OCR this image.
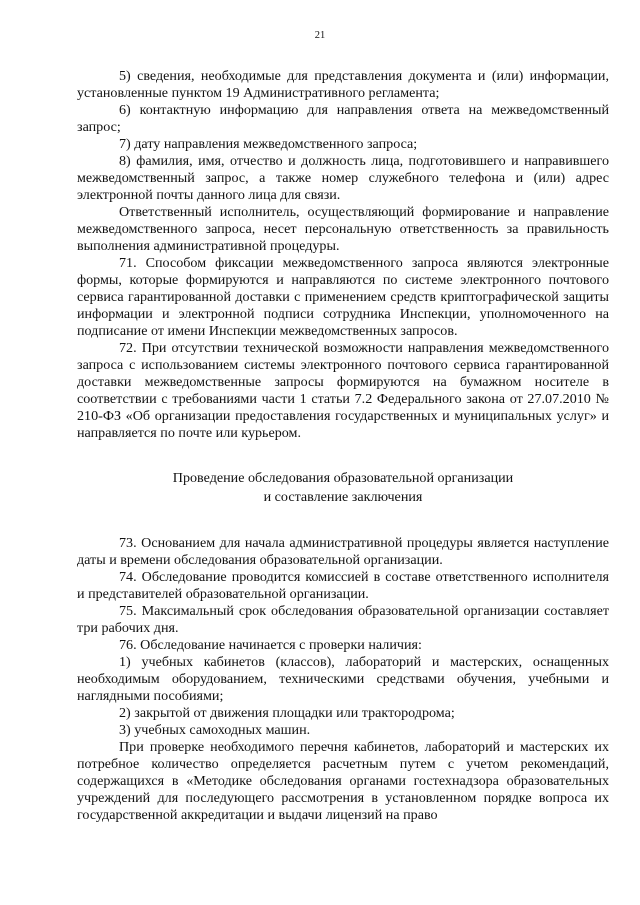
21

5) сведения, необходимые для представления документа и (или) информации, установленные пунктом 19 Административного регламента;

6) контактную информацию для направления ответа на межведомственный запрос;

7) дату направления межведомственного запроса;

8) фамилия, имя, отчество и должность лица, подготовившего и направившего межведомственный запрос, а также номер служебного телефона и (или) адрес электронной почты данного лица для связи.

Ответственный исполнитель, осуществляющий формирование и направление межведомственного запроса, несет персональную ответственность за правильность выполнения административной процедуры.

71. Способом фиксации межведомственного запроса являются электронные формы, которые формируются и направляются по системе электронного почтового сервиса гарантированной доставки с применением средств криптографической защиты информации и электронной подписи сотрудника Инспекции, уполномоченного на подписание от имени Инспекции межведомственных запросов.

72. При отсутствии технической возможности направления межведомственного запроса с использованием системы электронного почтового сервиса гарантированной доставки межведомственные запросы формируются на бумажном носителе в соответствии с требованиями части 1 статьи 7.2 Федерального закона от 27.07.2010 № 210-ФЗ «Об организации предоставления государственных и муниципальных услуг» и направляется по почте или курьером.

Проведение обследования образовательной организации
и составление заключения

73. Основанием для начала административной процедуры является наступление даты и времени обследования образовательной организации.

74. Обследование проводится комиссией в составе ответственного исполнителя и представителей образовательной организации.

75. Максимальный срок обследования образовательной организации составляет три рабочих дня.

76. Обследование начинается с проверки наличия:

1) учебных кабинетов (классов), лабораторий и мастерских, оснащенных необходимым оборудованием, техническими средствами обучения, учебными и наглядными пособиями;

2) закрытой от движения площадки или трактородрома;

3) учебных самоходных машин.

При проверке необходимого перечня кабинетов, лабораторий и мастерских их потребное количество определяется расчетным путем с учетом рекомендаций, содержащихся в «Методике обследования органами гостехнадзора образовательных учреждений для последующего рассмотрения в установленном порядке вопроса их государственной аккредитации и выдачи лицензий на право
